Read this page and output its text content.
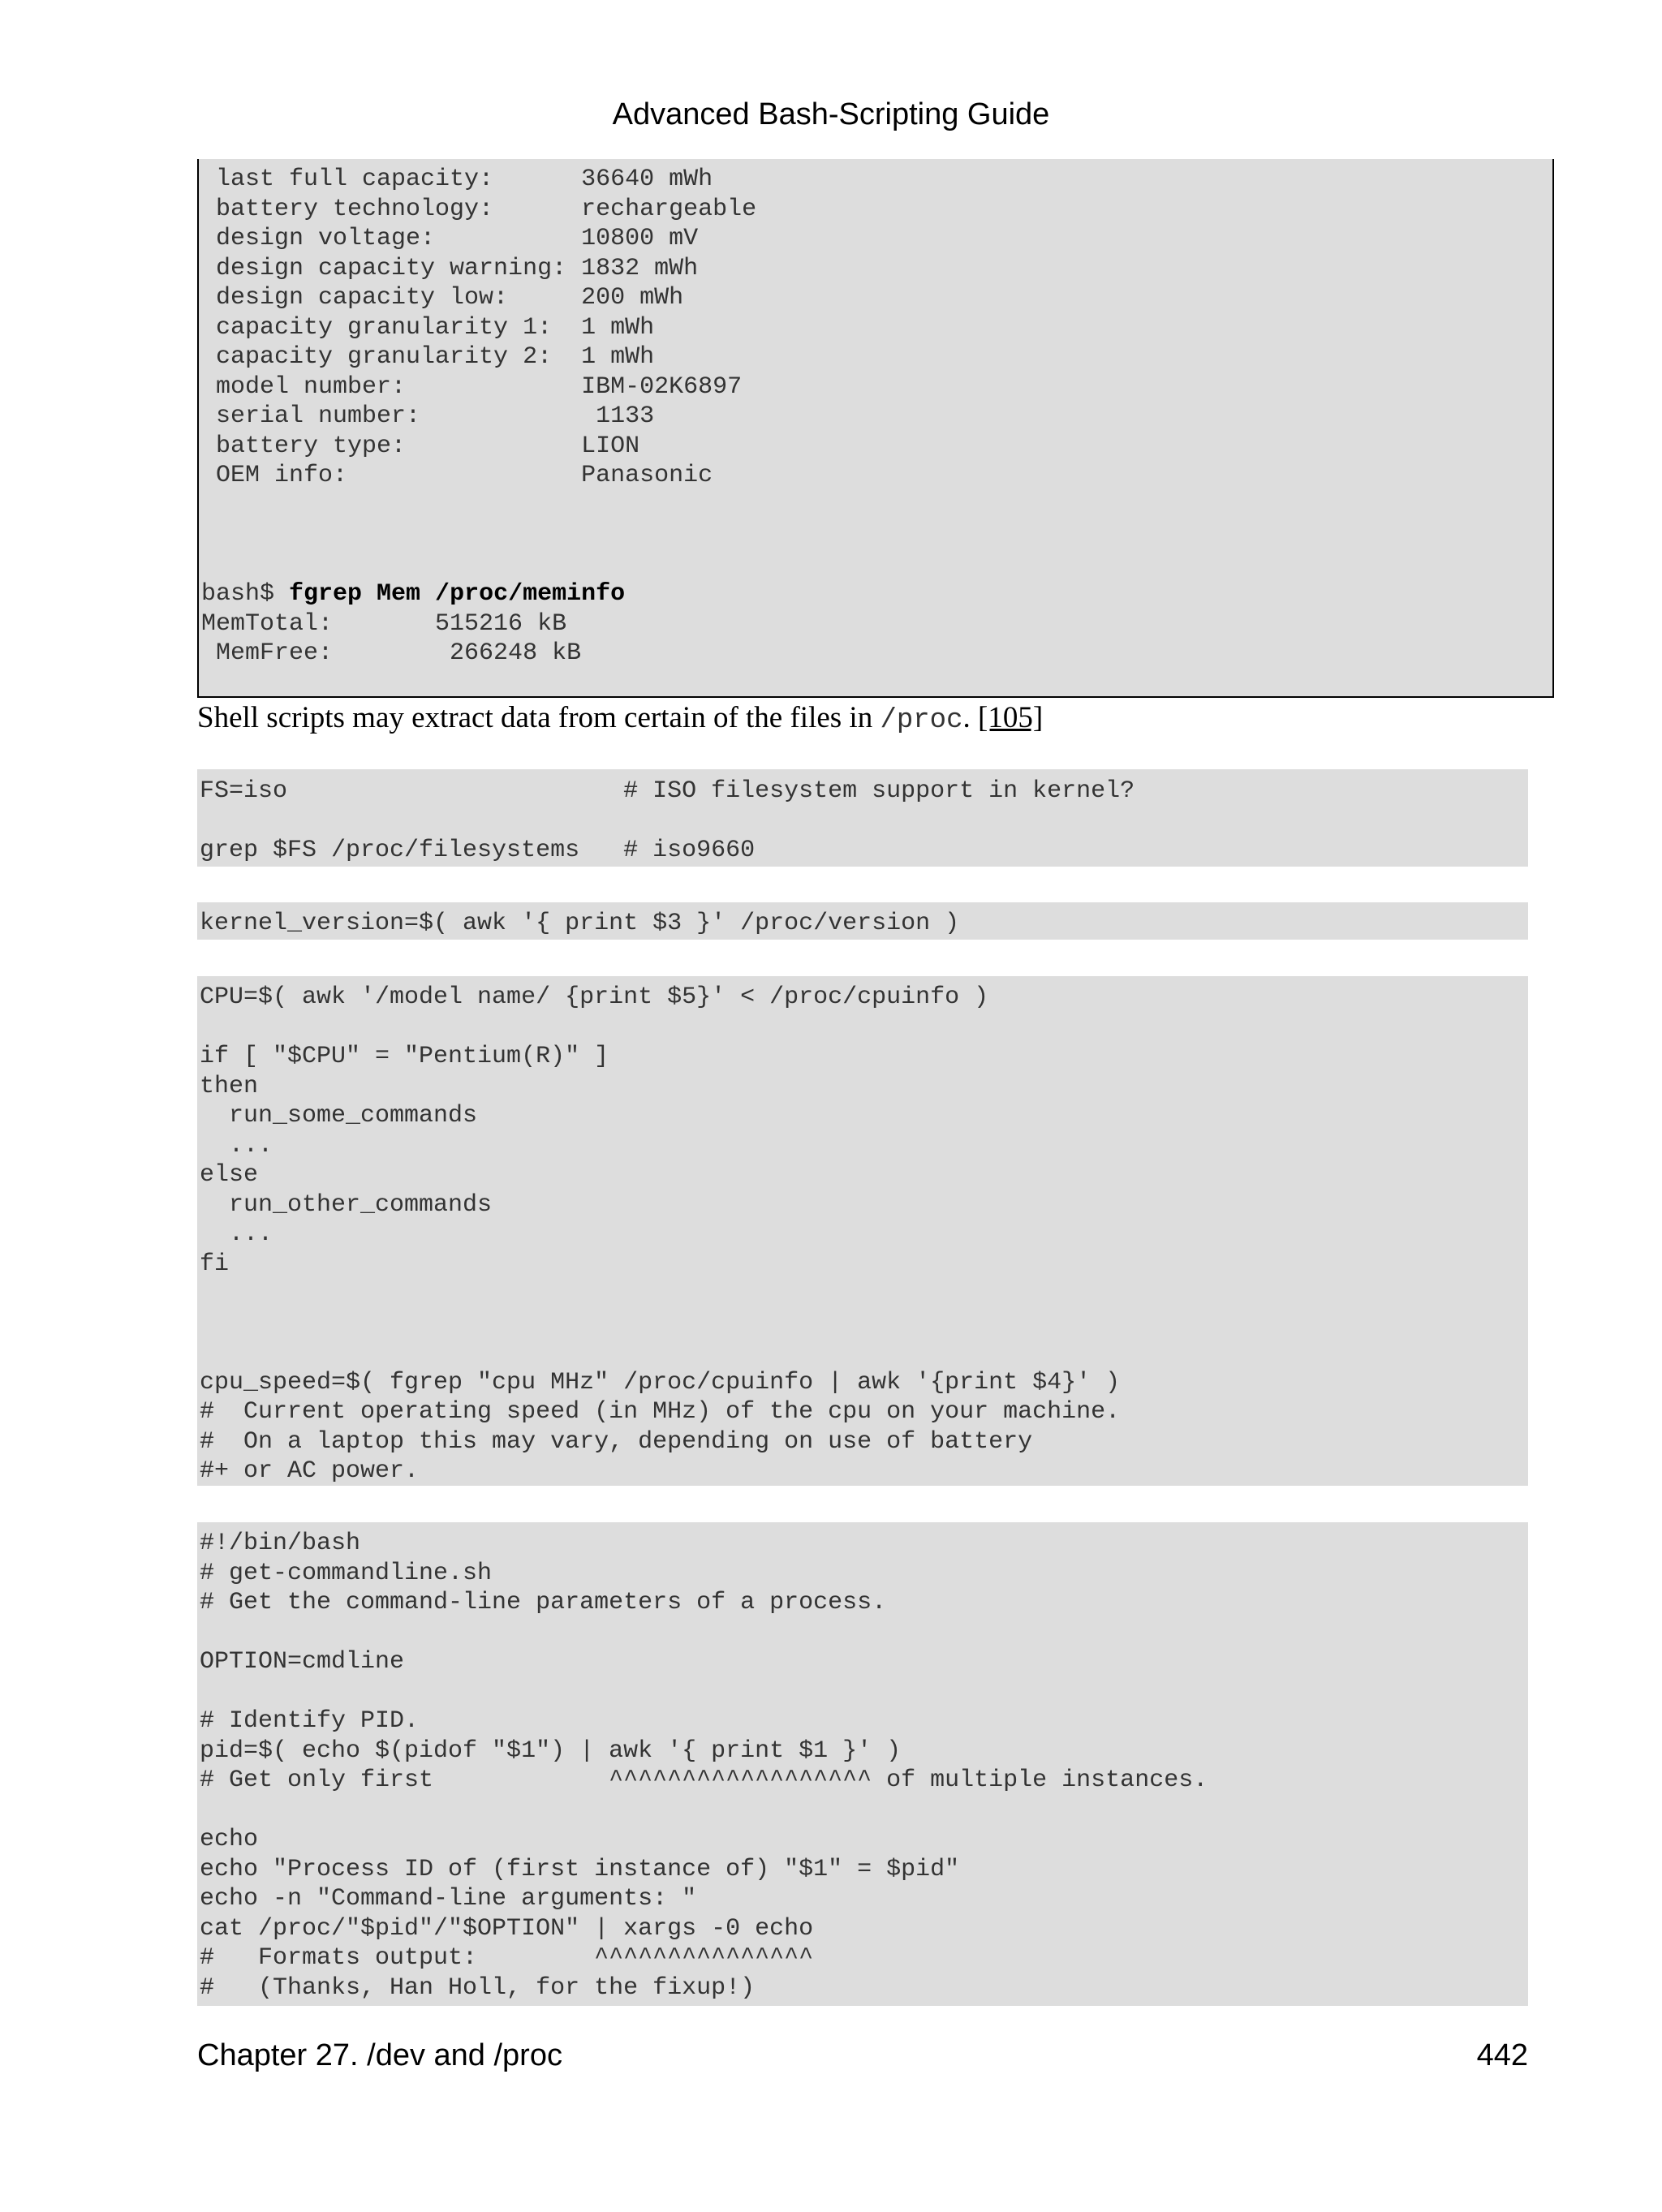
Advanced Bash-Scripting Guide
last full capacity:      36640 mWh
battery technology:      rechargeable
design voltage:          10800 mV
design capacity warning: 1832 mWh
design capacity low:     200 mWh
capacity granularity 1:  1 mWh
capacity granularity 2:  1 mWh
model number:            IBM-02K6897
serial number:            1133
battery type:            LION
OEM info:                Panasonic

bash$ fgrep Mem /proc/meminfo
MemTotal:       515216 kB
MemFree:        266248 kB
Shell scripts may extract data from certain of the files in /proc. [105]
FS=iso                       # ISO filesystem support in kernel?

grep $FS /proc/filesystems   # iso9660
kernel_version=$( awk '{ print $3 }' /proc/version )
CPU=$( awk '/model name/ {print $5}' < /proc/cpuinfo )

if [ "$CPU" = "Pentium(R)" ]
then
run_some_commands
...
else
run_other_commands
...
fi

cpu_speed=$( fgrep "cpu MHz" /proc/cpuinfo | awk '{print $4}' )
#  Current operating speed (in MHz) of the cpu on your machine.
#  On a laptop this may vary, depending on use of battery
#+ or AC power.
#!/bin/bash
# get-commandline.sh
# Get the command-line parameters of a process.

OPTION=cmdline

# Identify PID.
pid=$( echo $(pidof "$1") | awk '{ print $1 }' )
# Get only first            ^^^^^^^^^^^^^^^^^^ of multiple instances.

echo
echo "Process ID of (first instance of) "$1" = $pid"
echo -n "Command-line arguments: "
cat /proc/"$pid"/"$OPTION" | xargs -0 echo
#   Formats output:        ^^^^^^^^^^^^^^^
#   (Thanks, Han Holl, for the fixup!)
Chapter 27. /dev and /proc	442
